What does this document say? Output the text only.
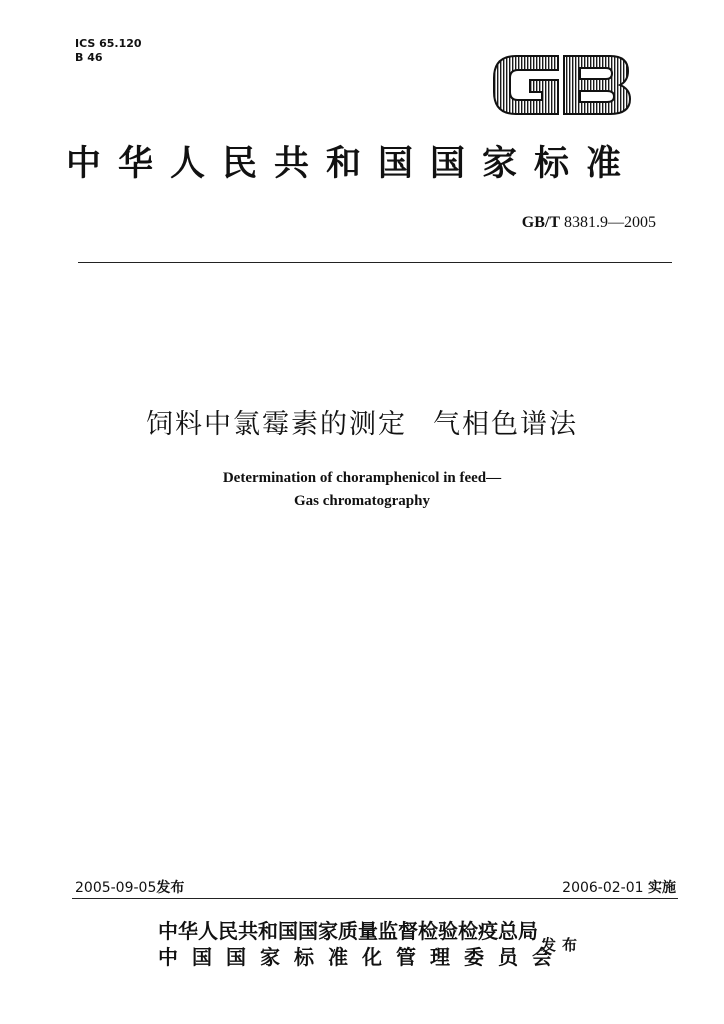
ICS 65.120
B 46
中华人民共和国国家标准
GB/T 8381.9—2005
饲料中氯霉素的测定 气相色谱法
Determination of choramphenicol in feed—
Gas chromatography
2005-09-05发布	2006-02-01 实施
中华人民共和国国家质量监督检验检疫总局
中国国家标准化管理委员会
发布
